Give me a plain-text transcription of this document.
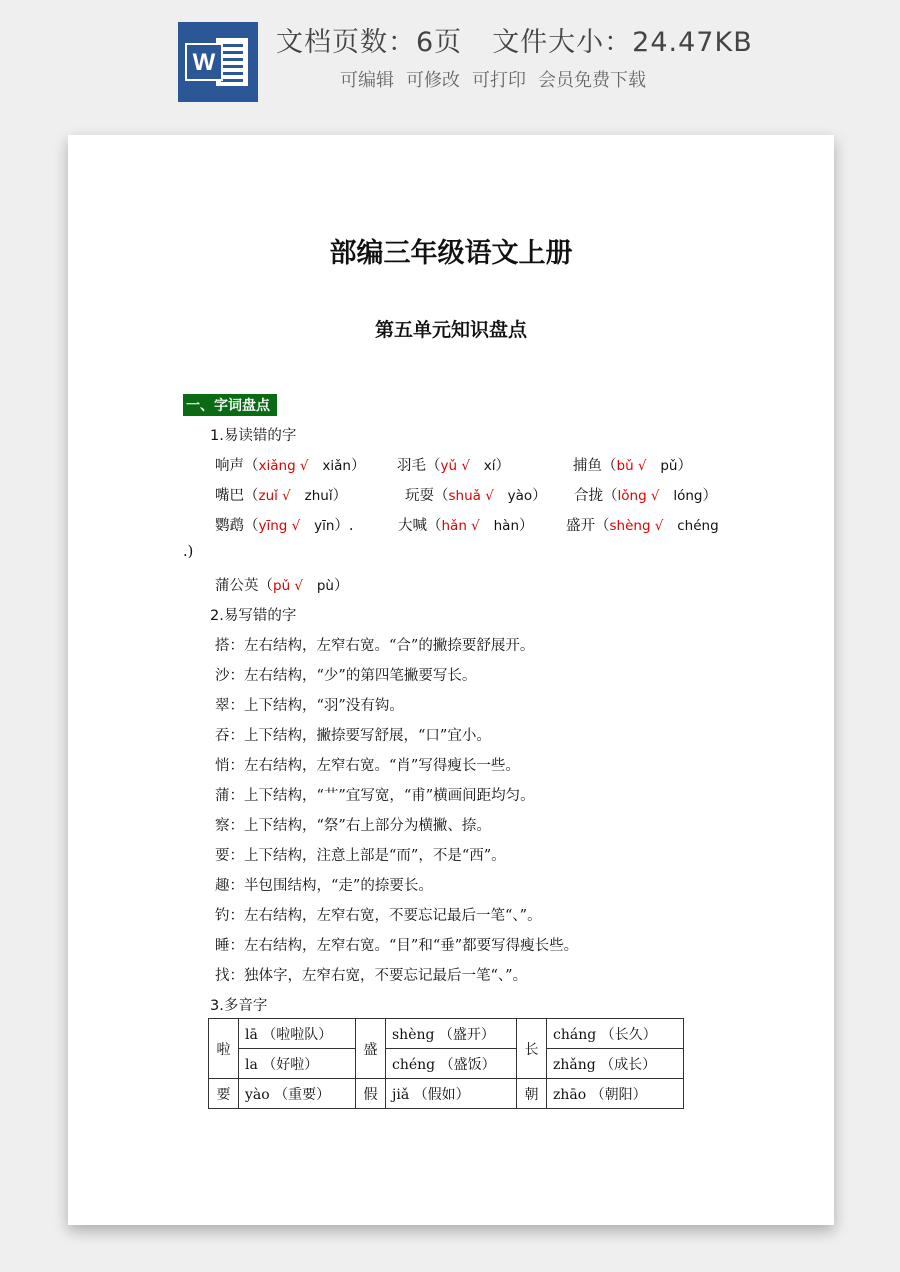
W
文档页数：6页 文件大小：24.47KB
可编辑 可修改 可打印 会员免费下载
部编三年级语文上册
第五单元知识盘点
一、字词盘点
1.易读错的字
响声（xiǎng √ xiǎn） 羽毛（yǔ √ xí）	捕鱼（bǔ √ pǔ）
嘴巴（zuǐ √ zhuǐ）	玩耍（shuǎ √ yào） 合拢（lǒng √ lóng）
鹦鹉（yīng √ yīn）.	大喊（hǎn √ hàn） 盛开（shèng √ chéng
.)
蒲公英（pǔ √ pù）
2.易写错的字
搭：左右结构，左窄右宽。“合”的撇捺要舒展开。
沙：左右结构，“少”的第四笔撇要写长。
翠：上下结构，“羽”没有钩。
吞：上下结构，撇捺要写舒展，“口”宜小。
悄：左右结构，左窄右宽。“肖”写得瘦长一些。
蒲：上下结构，“艹”宜写宽，“甫”横画间距均匀。
察：上下结构，“祭”右上部分为横撇、捺。
要：上下结构，注意上部是“而”，不是“西”。
趣：半包围结构，“走”的捺要长。
钓：左右结构，左窄右宽，不要忘记最后一笔“、”。
睡：左右结构，左窄右宽。“目”和“垂”都要写得瘦长些。
找：独体字，左窄右宽，不要忘记最后一笔“、”。
3.多音字
啦	lā （啦啦队）	盛	shèng （盛开）	长	cháng （长久）
	la （好啦）		chéng （盛饭）		zhǎng （成长）
要	yào （重要）	假	jiǎ （假如）	朝	zhāo （朝阳）
